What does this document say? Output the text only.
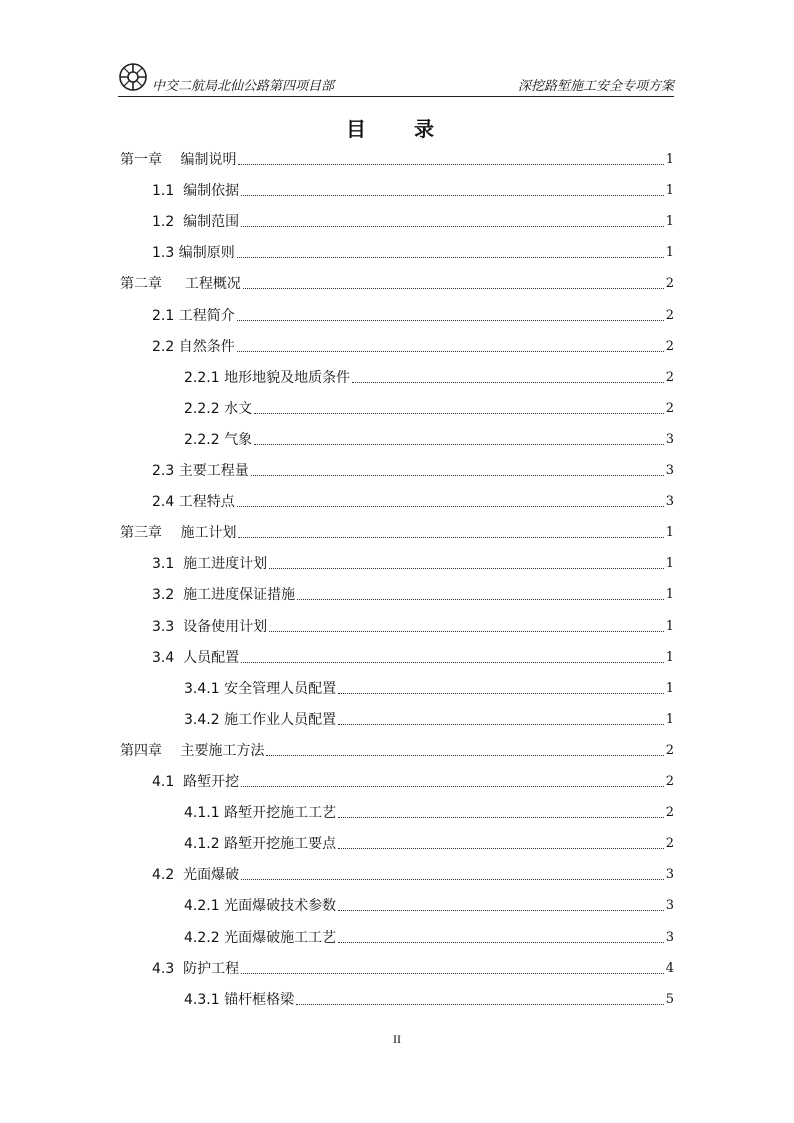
中交二航局北仙公路第四项目部	深挖路堑施工安全专项方案
目　录
第一章　 编制说明	1
1.1  编制依据	1
1.2  编制范围	1
1.3 编制原则	1
第二章　  工程概况	2
2.1 工程简介	2
2.2 自然条件	2
2.2.1 地形地貌及地质条件	2
2.2.2 水文	2
2.2.2 气象	3
2.3 主要工程量	3
2.4 工程特点	3
第三章　 施工计划	1
3.1  施工进度计划	1
3.2  施工进度保证措施	1
3.3  设备使用计划	1
3.4  人员配置	1
3.4.1 安全管理人员配置	1
3.4.2 施工作业人员配置	1
第四章　 主要施工方法	2
4.1  路堑开挖	2
4.1.1 路堑开挖施工工艺	2
4.1.2 路堑开挖施工要点	2
4.2  光面爆破	3
4.2.1 光面爆破技术参数	3
4.2.2 光面爆破施工工艺	3
4.3  防护工程	4
4.3.1 锚杆框格梁	5
II
